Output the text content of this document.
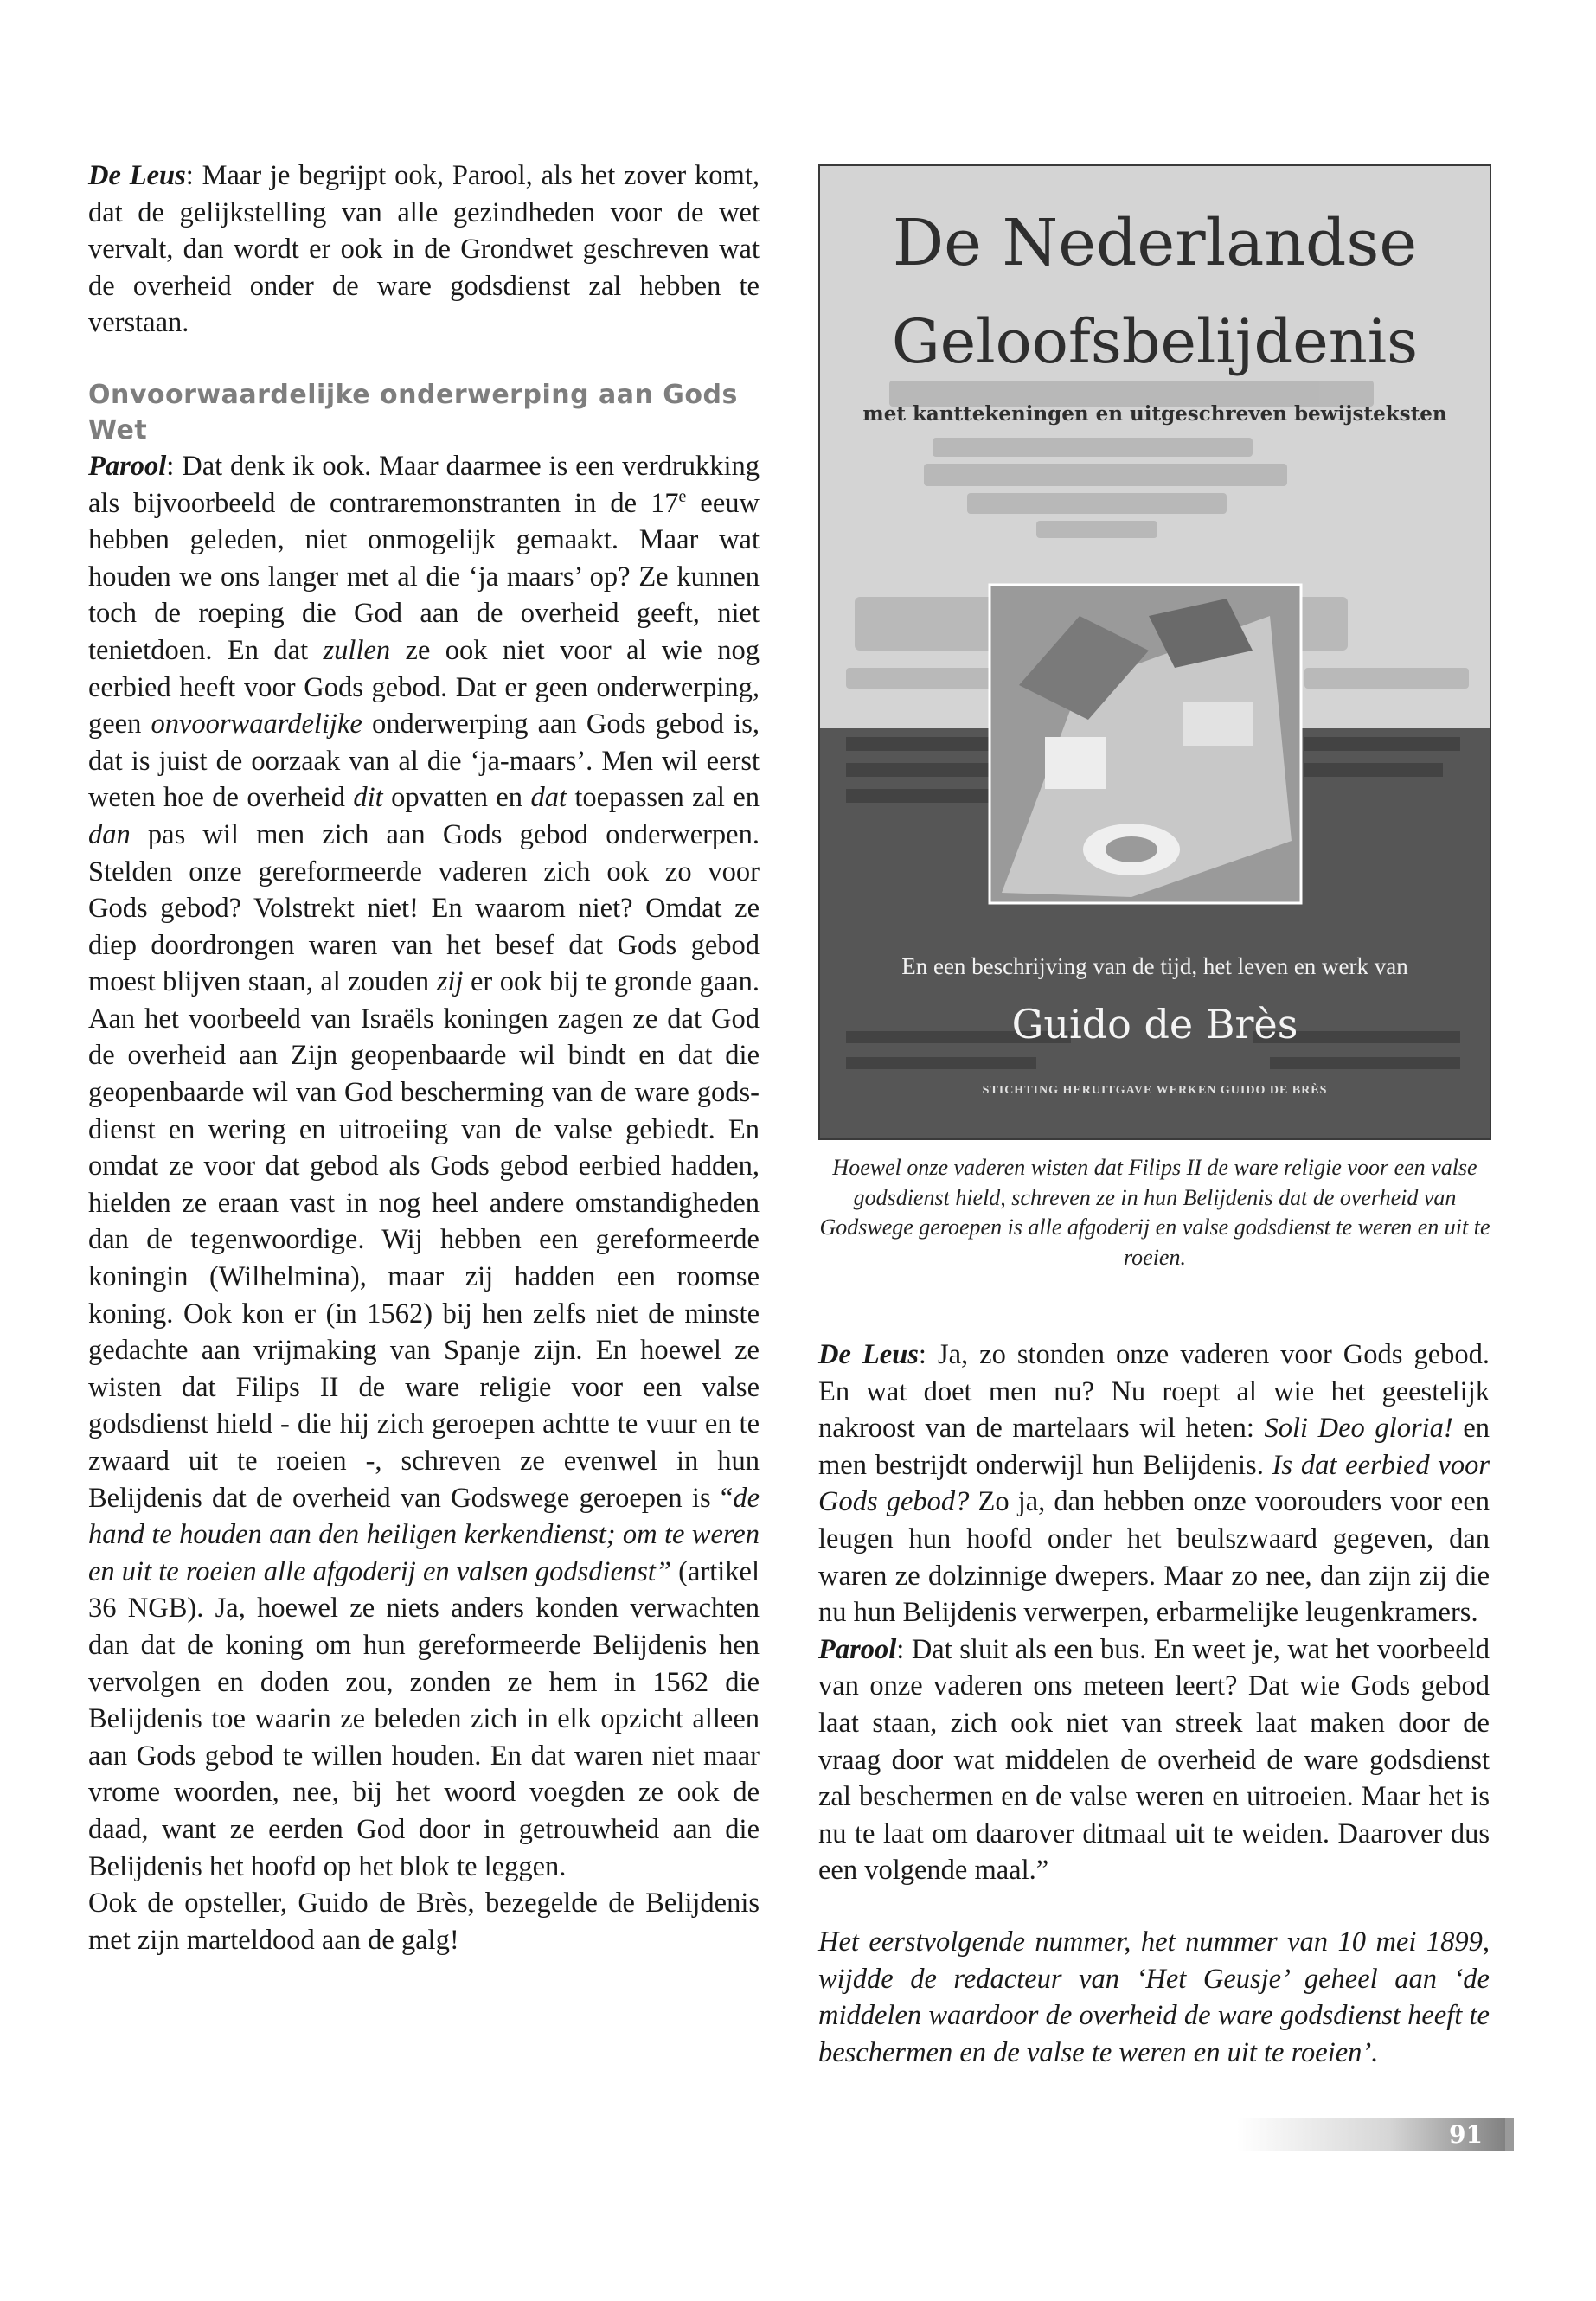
De Leus: Maar je begrijpt ook, Parool, als het zover komt, dat de gelijkstelling van alle gezindheden voor de wet vervalt, dan wordt er ook in de Grondwet geschreven wat de overheid onder de ware godsdienst zal hebben te verstaan.

Onvoorwaardelijke onderwerping aan Gods Wet

Parool: Dat denk ik ook. Maar daarmee is een verdrukking als bijvoorbeeld de contraremonstranten in de 17e eeuw hebben geleden, niet onmogelijk gemaakt. Maar wat houden we ons langer met al die ‘ja maars’ op? Ze kunnen toch de roeping die God aan de overheid geeft, niet tenietdoen. En dat zullen ze ook niet voor al wie nog eerbied heeft voor Gods gebod. Dat er geen onderwerping, geen onvoorwaardelijke onderwerping aan Gods gebod is, dat is juist de oorzaak van al die ‘ja-maars’. Men wil eerst weten hoe de overheid dit opvatten en dat toepassen zal en dan pas wil men zich aan Gods gebod onderwerpen. Stelden onze gereformeerde vaderen zich ook zo voor Gods gebod? Volstrekt niet! En waarom niet? Omdat ze diep doordrongen waren van het besef dat Gods gebod moest blijven staan, al zouden zij er ook bij te gronde gaan. Aan het voorbeeld van Israëls koningen zagen ze dat God de overheid aan Zijn geopenbaarde wil bindt en dat die geopenbaarde wil van God bescherming van de ware godsdienst en wering en uitroeiing van de valse gebiedt. En omdat ze voor dat gebod als Gods gebod eerbied hadden, hielden ze eraan vast in nog heel andere omstandigheden dan de tegenwoordige. Wij hebben een gereformeerde koningin (Wilhelmina), maar zij hadden een roomse koning. Ook kon er (in 1562) bij hen zelfs niet de minste gedachte aan vrijmaking van Spanje zijn. En hoewel ze wisten dat Filips II de ware religie voor een valse godsdienst hield - die hij zich geroepen achtte te vuur en te zwaard uit te roeien -, schreven ze evenwel in hun Belijdenis dat de overheid van Godswege geroepen is “de hand te houden aan den heiligen kerkendienst; om te weren en uit te roeien alle afgoderij en valsen godsdienst” (artikel 36 NGB). Ja, hoewel ze niets anders konden verwachten dan dat de koning om hun gereformeerde Belijdenis hen vervolgen en doden zou, zonden ze hem in 1562 die Belijdenis toe waarin ze beleden zich in elk opzicht alleen aan Gods gebod te willen houden. En dat waren niet maar vrome woorden, nee, bij het woord voegden ze ook de daad, want ze eerden God door in getrouwheid aan die Belijdenis het hoofd op het blok te leggen.

Ook de opsteller, Guido de Brès, bezegelde de Belijdenis met zijn marteldood aan de galg!

De Nederlandse
Geloofsbelijdenis
met kanttekeningen en uitgeschreven bewijsteksten
En een beschrijving van de tijd, het leven en werk van
Guido de Brès
STICHTING HERUITGAVE WERKEN GUIDO DE BRÈS
Hoewel onze vaderen wisten dat Filips II de ware religie voor een valse godsdienst hield, schreven ze in hun Belijdenis dat de overheid van Godswege geroepen is alle afgoderij en valse godsdienst te weren en uit te roeien.

De Leus: Ja, zo stonden onze vaderen voor Gods gebod. En wat doet men nu? Nu roept al wie het geestelijk nakroost van de martelaars wil heten: Soli Deo gloria! en men bestrijdt onderwijl hun Belijdenis. Is dat eerbied voor Gods gebod? Zo ja, dan hebben onze voorouders voor een leugen hun hoofd onder het beulszwaard gegeven, dan waren ze dolzinnige dwepers. Maar zo nee, dan zijn zij die nu hun Belijdenis verwerpen, erbarmelijke leugenkramers.

Parool: Dat sluit als een bus. En weet je, wat het voorbeeld van onze vaderen ons meteen leert? Dat wie Gods gebod laat staan, zich ook niet van streek laat maken door de vraag door wat middelen de overheid de ware godsdienst zal beschermen en de valse weren en uitroeien. Maar het is nu te laat om daarover ditmaal uit te weiden. Daarover dus een volgende maal.”

Het eerstvolgende nummer, het nummer van 10 mei 1899, wijdde de redacteur van ‘Het Geusje’ geheel aan ‘de middelen waardoor de overheid de ware godsdienst heeft te beschermen en de valse te weren en uit te roeien’.

91
